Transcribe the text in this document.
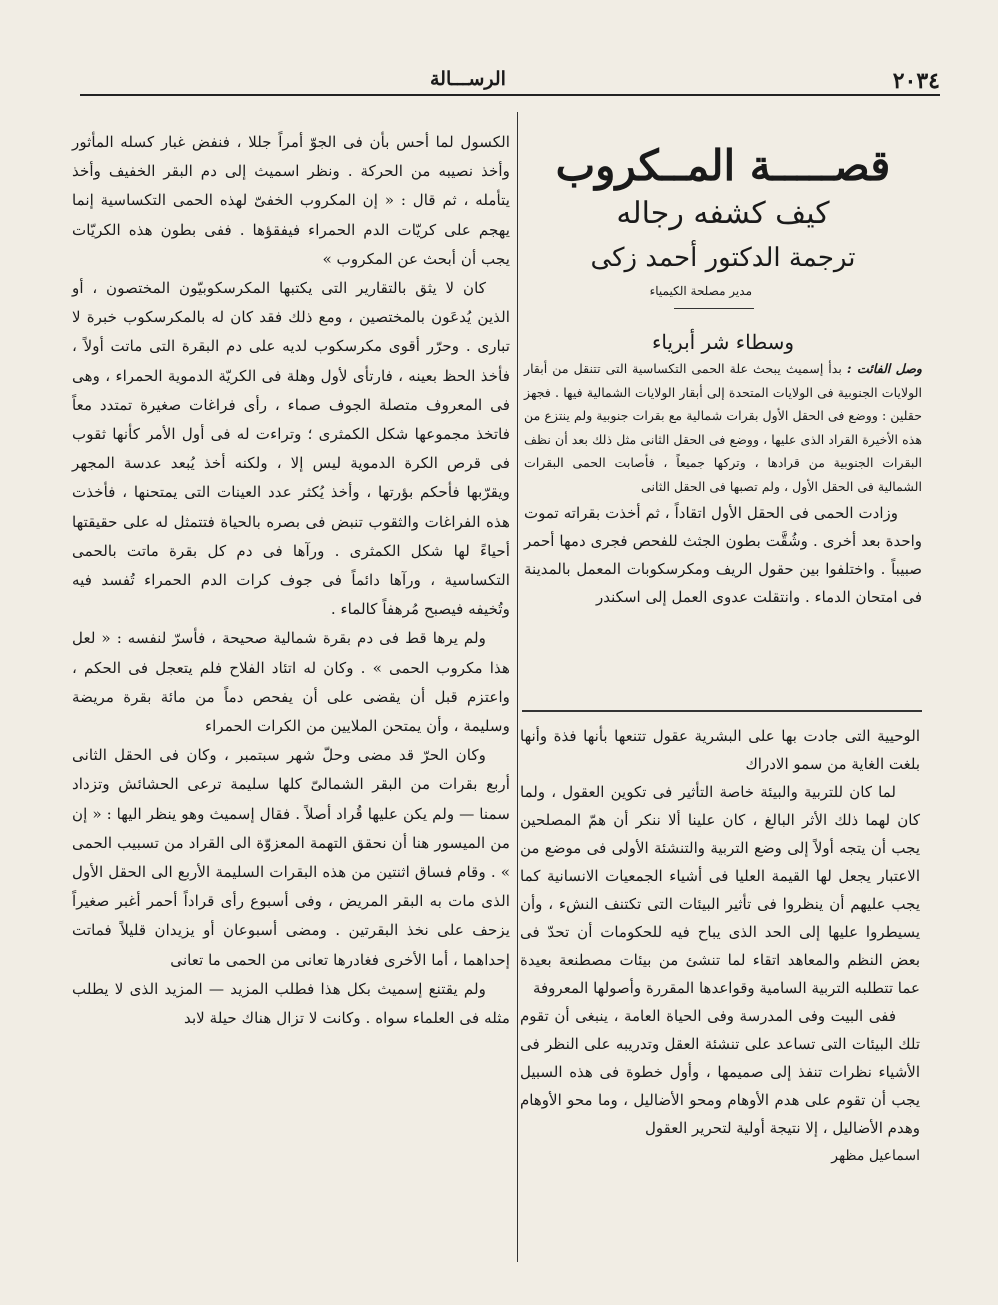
٢٠٣٤
الرســـالة

قصـــــة المــكروب

كيف كشفه رجاله

ترجمة الدكتور أحمد زكى

مدير مصلحة الكيمياء

وسطاء شر أبرياء

وصل الفائت : بدأ إسميث يبحث علة الحمى التكساسية التى تتنقل من أبقار الولايات الجنوبية فى الولايات المتحدة إلى أبقار الولايات الشمالية فيها . فجهز حقلين : ووضع فى الحقل الأول بقرات شمالية مع بقرات جنوبية ولم ينتزع من هذه الأخيرة القراد الذى عليها ، ووضع فى الحقل الثانى مثل ذلك بعد أن نظف البقرات الجنوبية من قرادها ، وتركها جميعاً ، فأصابت الحمى البقرات الشمالية فى الحقل الأول ، ولم تصبها فى الحقل الثانى

وزادت الحمى فى الحقل الأول اتقاداً ، ثم أخذت بقراته تموت واحدة بعد أخرى . وشُقَّت بطون الجثث للفحص فجرى دمها أحمر صبيباً . واختلفوا بين حقول الريف ومكرسكوبات المعمل بالمدينة فى امتحان الدماء . وانتقلت عدوى العمل إلى اسكندر

الوحيية التى جادت بها على البشرية عقول تتنعها بأنها فذة وأنها بلغت الغاية من سمو الادراك

لما كان للتربية والبيئة خاصة التأثير فى تكوين العقول ، ولما كان لهما ذلك الأثر البالغ ، كان علينا ألا ننكر أن همّ المصلحين يجب أن يتجه أولاً إلى وضع التربية والتنشئة الأولى فى موضع من الاعتبار يجعل لها القيمة العليا فى أشياء الجمعيات الانسانية كما يجب عليهم أن ينظروا فى تأثير البيئات التى تكتنف النشء ، وأن يسيطروا عليها إلى الحد الذى يباح فيه للحكومات أن تحدّ فى بعض النظم والمعاهد اتقاء لما تنشئ من بيئات مصطنعة بعيدة عما تتطلبه التربية السامية وقواعدها المقررة وأصولها المعروفة

ففى البيت وفى المدرسة وفى الحياة العامة ، ينبغى أن تقوم تلك البيئات التى تساعد على تنشئة العقل وتدريبه على النظر فى الأشياء نظرات تنفذ إلى صميمها ، وأول خطوة فى هذه السبيل يجب أن تقوم على هدم الأوهام ومحو الأضاليل ، وما محو الأوهام وهدم الأضاليل ، إلا نتيجة أولية لتحرير العقول

اسماعيل مظهر

الكسول لما أحس بأن فى الجوّ أمراً جللا ، فنفض غبار كسله المأثور وأخذ نصيبه من الحركة . ونظر اسميث إلى دم البقر الخفيف وأخذ يتأمله ، ثم قال : « إن المكروب الخفىّ لهذه الحمى التكساسية إنما يهجم على كريّات الدم الحمراء فيفقؤها . ففى بطون هذه الكريّات يجب أن أبحث عن المكروب »

كان لا يثق بالتقارير التى يكتبها المكرسكوبيّون المختصون ، أو الذين يُدعَون بالمختصين ، ومع ذلك فقد كان له بالمكرسكوب خبرة لا تبارى . وحرّر أقوى مكرسكوب لديه على دم البقرة التى ماتت أولاً ، فأخذ الحظ بعينه ، فارتأى لأول وهلة فى الكريّة الدموية الحمراء ، وهى فى المعروف متصلة الجوف صماء ، رأى فراغات صغيرة تمتدد معاً فاتخذ مجموعها شكل الكمثرى ؛ وتراءت له فى أول الأمر كأنها ثقوب فى قرص الكرة الدموية ليس إلا ، ولكنه أخذ يُبعد عدسة المجهر ويقرّبها فأحكم بؤرتها ، وأخذ يُكثر عدد العينات التى يمتحنها ، فأخذت هذه الفراغات والثقوب تنبض فى بصره بالحياة فتتمثل له على حقيقتها أحياءً لها شكل الكمثرى . ورآها فى دم كل بقرة ماتت بالحمى التكساسية ، ورآها دائماً فى جوف كرات الدم الحمراء تُفسد فيه وتُخيفه فيصبح مُرهفاً كالماء .

ولم يرها قط فى دم بقرة شمالية صحيحة ، فأسرّ لنفسه : « لعل هذا مكروب الحمى » . وكان له اتئاد الفلاح فلم يتعجل فى الحكم ، واعتزم قبل أن يقضى على أن يفحص دماً من مائة بقرة مريضة وسليمة ، وأن يمتحن الملايين من الكرات الحمراء

وكان الحرّ قد مضى وحلّ شهر سبتمبر ، وكان فى الحقل الثانى أربع بقرات من البقر الشمالىّ كلها سليمة ترعى الحشائش وتزداد سمنا — ولم يكن عليها قُراد أصلاً . فقال إسميث وهو ينظر اليها : « إن من الميسور هنا أن نحقق التهمة المعزوّة الى القراد من تسبيب الحمى » . وقام فساق اثنتين من هذه البقرات السليمة الأربع الى الحقل الأول الذى مات به البقر المريض ، وفى أسبوع رأى قراداً أحمر أغبر صغيراً يزحف على نخذ البقرتين . ومضى أسبوعان أو يزيدان قليلاً فماتت إحداهما ، أما الأخرى فغادرها تعانى من الحمى ما تعانى

ولم يقتنع إسميث بكل هذا فطلب المزيد — المزيد الذى لا يطلب مثله فى العلماء سواه . وكانت لا تزال هناك حيلة لابد
